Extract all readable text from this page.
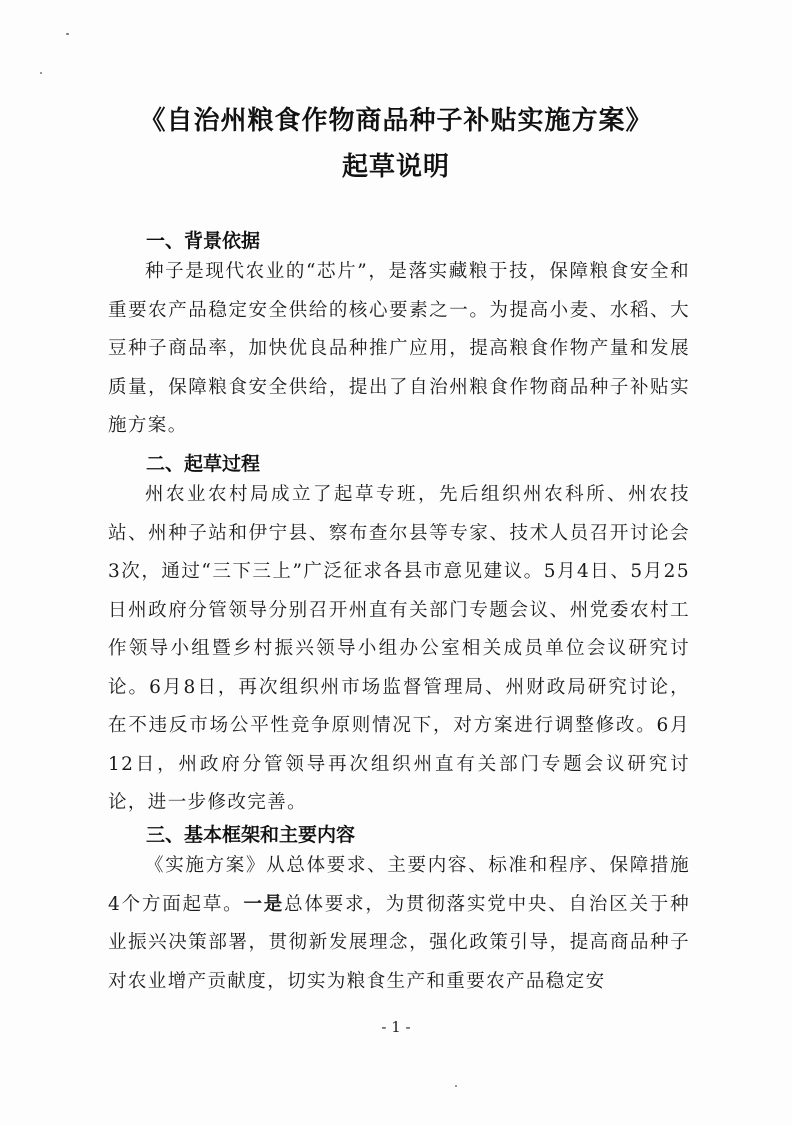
《自治州粮食作物商品种子补贴实施方案》
起草说明
一、背景依据
种子是现代农业的“芯片”，是落实藏粮于技，保障粮食安全和重要农产品稳定安全供给的核心要素之一。为提高小麦、水稻、大豆种子商品率，加快优良品种推广应用，提高粮食作物产量和发展质量，保障粮食安全供给，提出了自治州粮食作物商品种子补贴实施方案。
二、起草过程
州农业农村局成立了起草专班，先后组织州农科所、州农技站、州种子站和伊宁县、察布查尔县等专家、技术人员召开讨论会3次，通过“三下三上”广泛征求各县市意见建议。5月4日、5月25日州政府分管领导分别召开州直有关部门专题会议、州党委农村工作领导小组暨乡村振兴领导小组办公室相关成员单位会议研究讨论。6月8日，再次组织州市场监督管理局、州财政局研究讨论，在不违反市场公平性竞争原则情况下，对方案进行调整修改。6月12日，州政府分管领导再次组织州直有关部门专题会议研究讨论，进一步修改完善。
三、基本框架和主要内容
《实施方案》从总体要求、主要内容、标准和程序、保障措施4个方面起草。一是总体要求，为贯彻落实党中央、自治区关于种业振兴决策部署，贯彻新发展理念，强化政策引导，提高商品种子对农业增产贡献度，切实为粮食生产和重要农产品稳定安
- 1 -
